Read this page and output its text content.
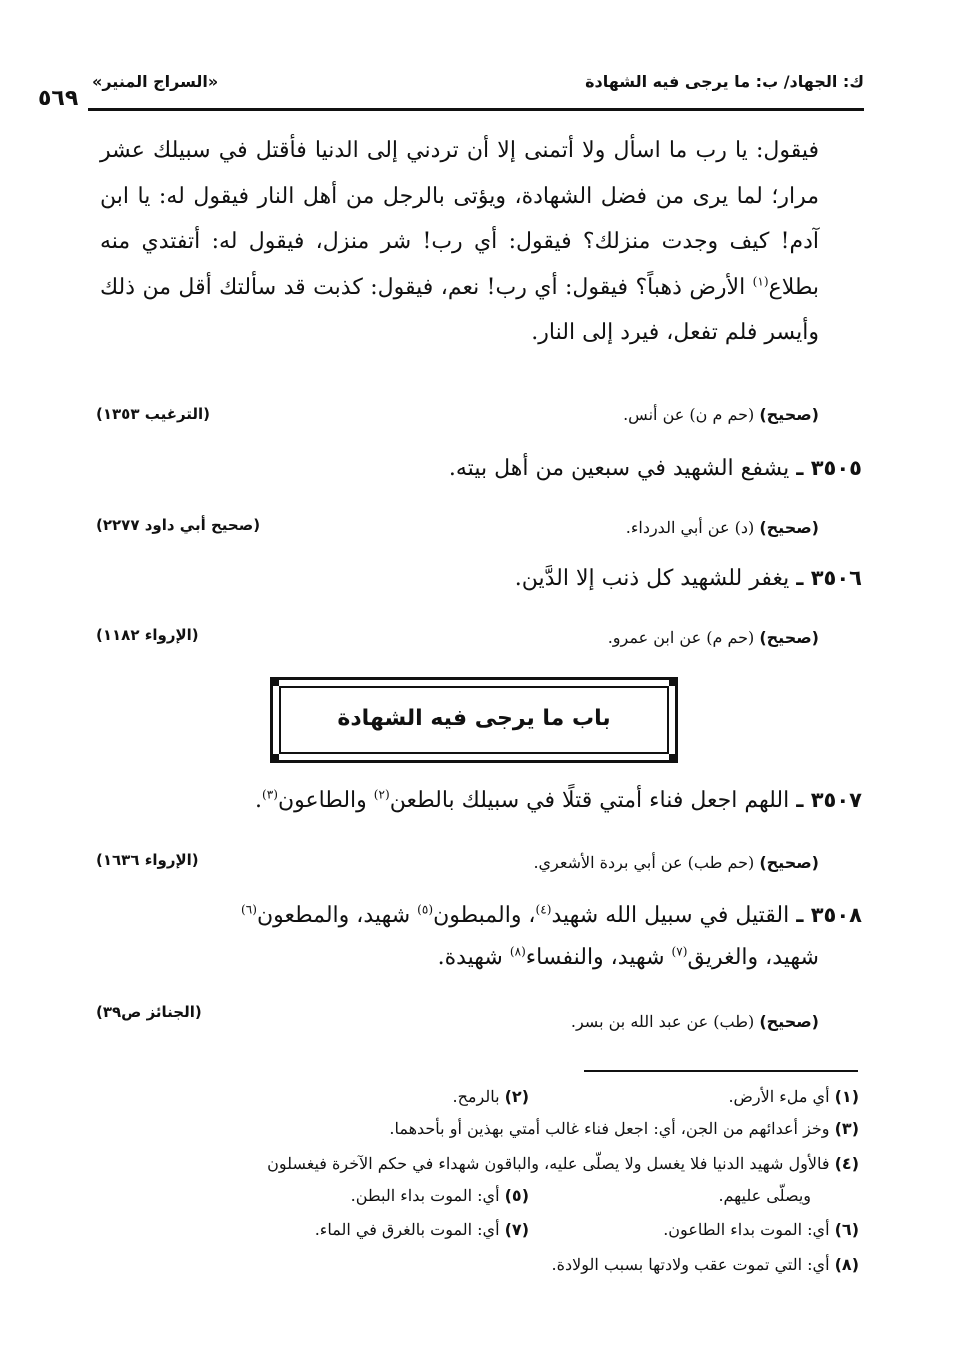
ك: الجهاد/ ب: ما يرجى فيه الشهادة
«السراج المنير»
٥٦٩
فيقول: يا رب ما اسأل ولا أتمنى إلا أن تردني إلى الدنيا فأقتل في سبيلك عشر مرار؛ لما يرى من فضل الشهادة، ويؤتى بالرجل من أهل النار فيقول له: يا ابن آدم! كيف وجدت منزلك؟ فيقول: أي رب! شر منزل، فيقول له: أتفتدي منه بطلاع$^{(١)}$ الأرض ذهباً؟ فيقول: أي رب! نعم، فيقول: كذبت قد سألتك أقل من ذلك وأيسر فلم تفعل، فيرد إلى النار.
(صحيح) (حم م ن) عن أنس.
(الترغيب ١٣٥٣)
٣٥٠٥ ـ يشفع الشهيد في سبعين من أهل بيته.
(صحيح) (د) عن أبي الدرداء.
(صحيح أبي داود ٢٢٧٧)
٣٥٠٦ ـ يغفر للشهيد كل ذنب إلا الدَّين.
(صحيح) (حم م) عن ابن عمرو.
(الإرواء ١١٨٢)
باب ما يرجى فيه الشهادة
٣٥٠٧ ـ اللهم اجعل فناء أمتي قتلًا في سبيلك بالطعن$^{(٢)}$ والطاعون$^{(٣)}$.
(صحيح) (حم طب) عن أبي بردة الأشعري.
(الإرواء ١٦٣٦)
٣٥٠٨ ـ القتيل في سبيل الله شهيد$^{(٤)}$، والمبطون$^{(٥)}$ شهيد، والمطعون$^{(٦)}$
شهيد، والغريق$^{(٧)}$ شهيد، والنفساء$^{(٨)}$ شهيدة.
(صحيح) (طب) عن عبد الله بن بسر.
(الجنائز ص٣٩)
(١) أي ملء الأرض.
(٢) بالرمح.
(٣) وخز أعدائهم من الجن، أي: اجعل فناء غالب أمتي بهذين أو بأحدهما.
(٤) فالأول شهيد الدنيا فلا يغسل ولا يصلّى عليه، والباقون شهداء في حكم الآخرة فيغسلون
ويصلّى عليهم.
(٥) أي: الموت بداء البطن.
(٦) أي: الموت بداء الطاعون.
(٧) أي: الموت بالغرق في الماء.
(٨) أي: التي تموت عقب ولادتها بسبب الولادة.
